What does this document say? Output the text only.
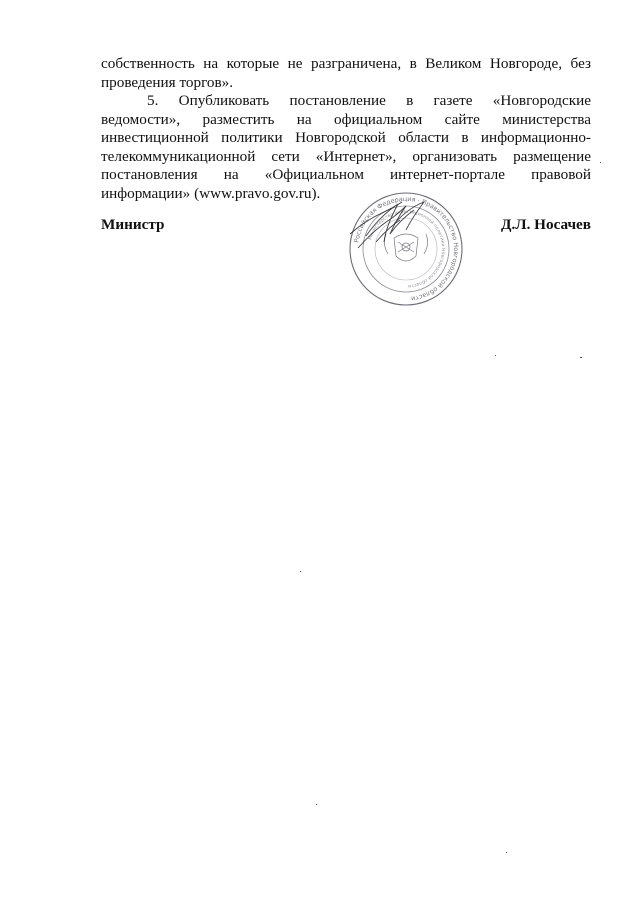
собственность на которые не разграничена, в Великом Новгороде, без проведения торгов».

5. Опубликовать постановление в газете «Новгородские ведомости», разместить на официальном сайте министерства инвестиционной политики Новгородской области в информационно-телекоммуникационной сети «Интернет», организовать размещение постановления на «Официальном интернет-портале правовой информации» (www.pravo.gov.ru).

Министр	Д.Л. Носачев
Российская Федерация · Правительство Новгородской области
Министерство инвестиционной политики Новгородской области
